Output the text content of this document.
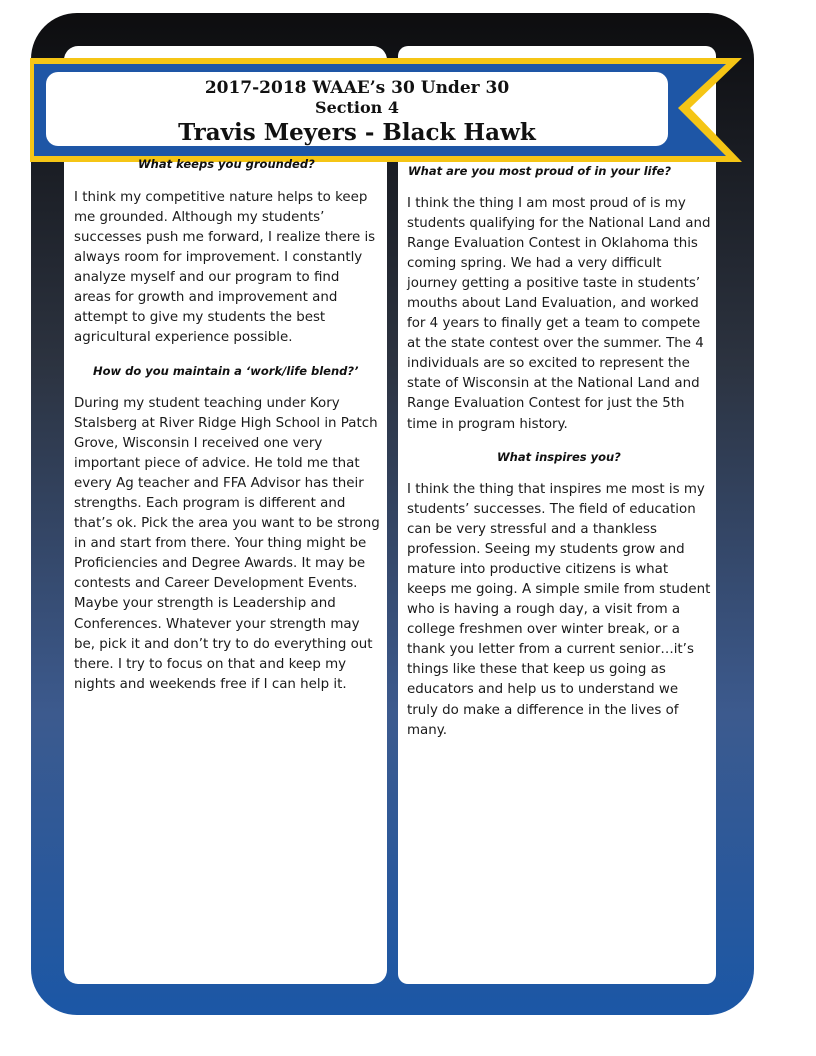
2017-2018 WAAE’s 30 Under 30
Section 4
Travis Meyers - Black Hawk
What keeps you grounded?

I think my competitive nature helps to keep me grounded. Although my students’ successes push me forward, I realize there is always room for improvement. I constantly analyze myself and our program to find areas for growth and improvement and attempt to give my students the best agricultural experience possible.

How do you maintain a ‘work/life blend?’

During my student teaching under Kory Stalsberg at River Ridge High School in Patch Grove, Wisconsin I received one very important piece of advice. He told me that every Ag teacher and FFA Advisor has their strengths. Each program is different and that’s ok. Pick the area you want to be strong in and start from there. Your thing might be Proficiencies and Degree Awards. It may be contests and Career Development Events. Maybe your strength is Leadership and Conferences. Whatever your strength may be, pick it and don’t try to do everything out there. I try to focus on that and keep my nights and weekends free if I can help it.

What are you most proud of in your life?

I think the thing I am most proud of is my students qualifying for the National Land and Range Evaluation Contest in Oklahoma this coming spring. We had a very difficult journey getting a positive taste in students’ mouths about Land Evaluation, and worked for 4 years to finally get a team to compete at the state contest over the summer. The 4 individuals are so excited to represent the state of Wisconsin at the National Land and Range Evaluation Contest for just the 5th time in program history.

What inspires you?

I think the thing that inspires me most is my students’ successes. The field of education can be very stressful and a thankless profession. Seeing my students grow and mature into productive citizens is what keeps me going. A simple smile from student who is having a rough day, a visit from a college freshmen over winter break, or a thank you letter from a current senior…it’s things like these that keep us going as educators and help us to understand we truly do make a difference in the lives of many.
